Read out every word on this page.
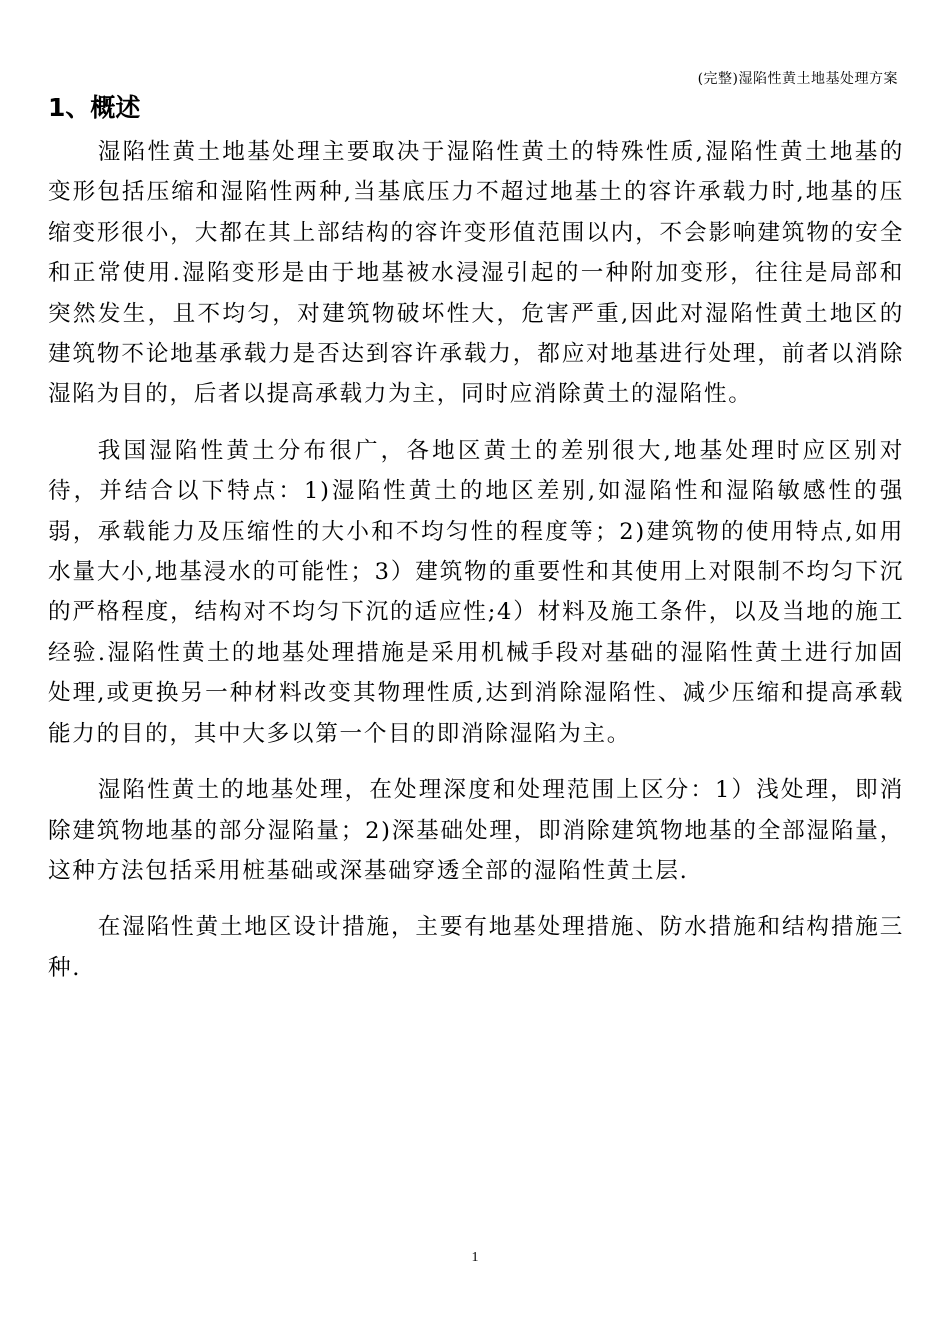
(完整)湿陷性黄土地基处理方案
1、概述

湿陷性黄土地基处理主要取决于湿陷性黄土的特殊性质,湿陷性黄土地基的变形包括压缩和湿陷性两种,当基底压力不超过地基土的容许承载力时,地基的压缩变形很小，大都在其上部结构的容许变形值范围以内，不会影响建筑物的安全和正常使用.湿陷变形是由于地基被水浸湿引起的一种附加变形，往往是局部和突然发生，且不均匀，对建筑物破坏性大，危害严重,因此对湿陷性黄土地区的建筑物不论地基承载力是否达到容许承载力，都应对地基进行处理，前者以消除湿陷为目的，后者以提高承载力为主，同时应消除黄土的湿陷性。

我国湿陷性黄土分布很广，各地区黄土的差别很大,地基处理时应区别对待，并结合以下特点：1)湿陷性黄土的地区差别,如湿陷性和湿陷敏感性的强弱，承载能力及压缩性的大小和不均匀性的程度等；2)建筑物的使用特点,如用水量大小,地基浸水的可能性；3）建筑物的重要性和其使用上对限制不均匀下沉的严格程度，结构对不均匀下沉的适应性;4）材料及施工条件，以及当地的施工经验.湿陷性黄土的地基处理措施是采用机械手段对基础的湿陷性黄土进行加固处理,或更换另一种材料改变其物理性质,达到消除湿陷性、减少压缩和提高承载能力的目的，其中大多以第一个目的即消除湿陷为主。

湿陷性黄土的地基处理，在处理深度和处理范围上区分：1）浅处理，即消除建筑物地基的部分湿陷量；2)深基础处理，即消除建筑物地基的全部湿陷量，这种方法包括采用桩基础或深基础穿透全部的湿陷性黄土层.

在湿陷性黄土地区设计措施，主要有地基处理措施、防水措施和结构措施三种.

1
